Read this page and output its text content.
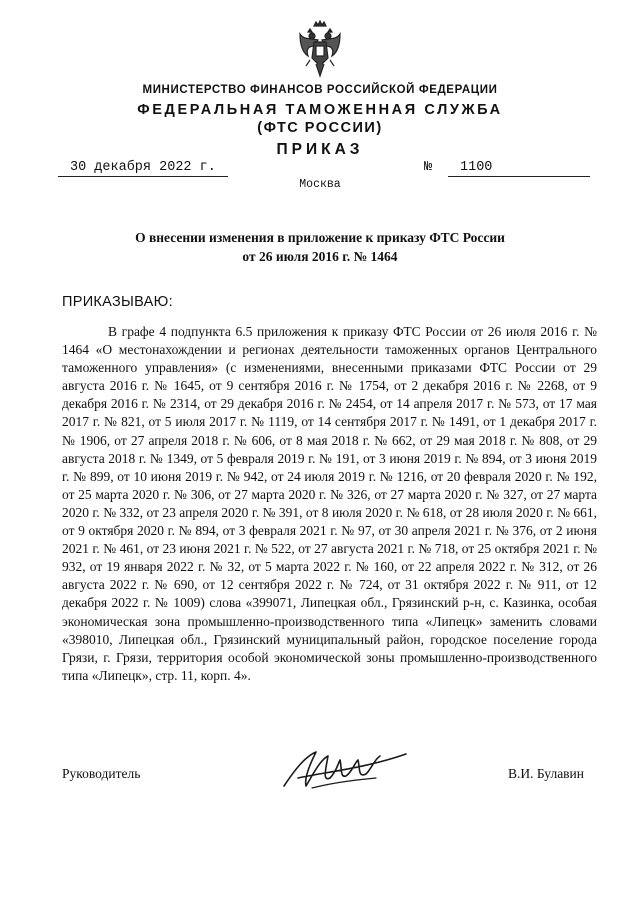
МИНИСТЕРСТВО ФИНАНСОВ РОССИЙСКОЙ ФЕДЕРАЦИИ
ФЕДЕРАЛЬНАЯ ТАМОЖЕННАЯ СЛУЖБА
(ФТС РОССИИ)
ПРИКАЗ
30 декабря 2022 г.	№	1100
Москва
О внесении изменения в приложение к приказу ФТС России
от 26 июля 2016 г. № 1464
ПРИКАЗЫВАЮ:

В графе 4 подпункта 6.5 приложения к приказу ФТС России от 26 июля 2016 г. № 1464 «О местонахождении и регионах деятельности таможенных органов Центрального таможенного управления» (с изменениями, внесенными приказами ФТС России от 29 августа 2016 г. № 1645, от 9 сентября 2016 г. № 1754, от 2 декабря 2016 г. № 2268, от 9 декабря 2016 г. № 2314, от 29 декабря 2016 г. № 2454, от 14 апреля 2017 г. № 573, от 17 мая 2017 г. № 821, от 5 июля 2017 г. № 1119, от 14 сентября 2017 г. № 1491, от 1 декабря 2017 г. № 1906, от 27 апреля 2018 г. № 606, от 8 мая 2018 г. № 662, от 29 мая 2018 г. № 808, от 29 августа 2018 г. № 1349, от 5 февраля 2019 г. № 191, от 3 июня 2019 г. № 894, от 3 июня 2019 г. № 899, от 10 июня 2019 г. № 942, от 24 июля 2019 г. № 1216, от 20 февраля 2020 г. № 192, от 25 марта 2020 г. № 306, от 27 марта 2020 г. № 326, от 27 марта 2020 г. № 327, от 27 марта 2020 г. № 332, от 23 апреля 2020 г. № 391, от 8 июля 2020 г. № 618, от 28 июля 2020 г. № 661, от 9 октября 2020 г. № 894, от 3 февраля 2021 г. № 97, от 30 апреля 2021 г. № 376, от 2 июня 2021 г. № 461, от 23 июня 2021 г. № 522, от 27 августа 2021 г. № 718, от 25 октября 2021 г. № 932, от 19 января 2022 г. № 32, от 5 марта 2022 г. № 160, от 22 апреля 2022 г. № 312, от 26 августа 2022 г. № 690, от 12 сентября 2022 г. № 724, от 31 октября 2022 г. № 911, от 12 декабря 2022 г. № 1009) слова «399071, Липецкая обл., Грязинский р-н, с. Казинка, особая экономическая зона промышленно-производственного типа «Липецк» заменить словами «398010, Липецкая обл., Грязинский муниципальный район, городское поселение города Грязи, г. Грязи, территория особой экономической зоны промышленно-производственного типа «Липецк», стр. 11, корп. 4».

Руководитель	В.И. Булавин
